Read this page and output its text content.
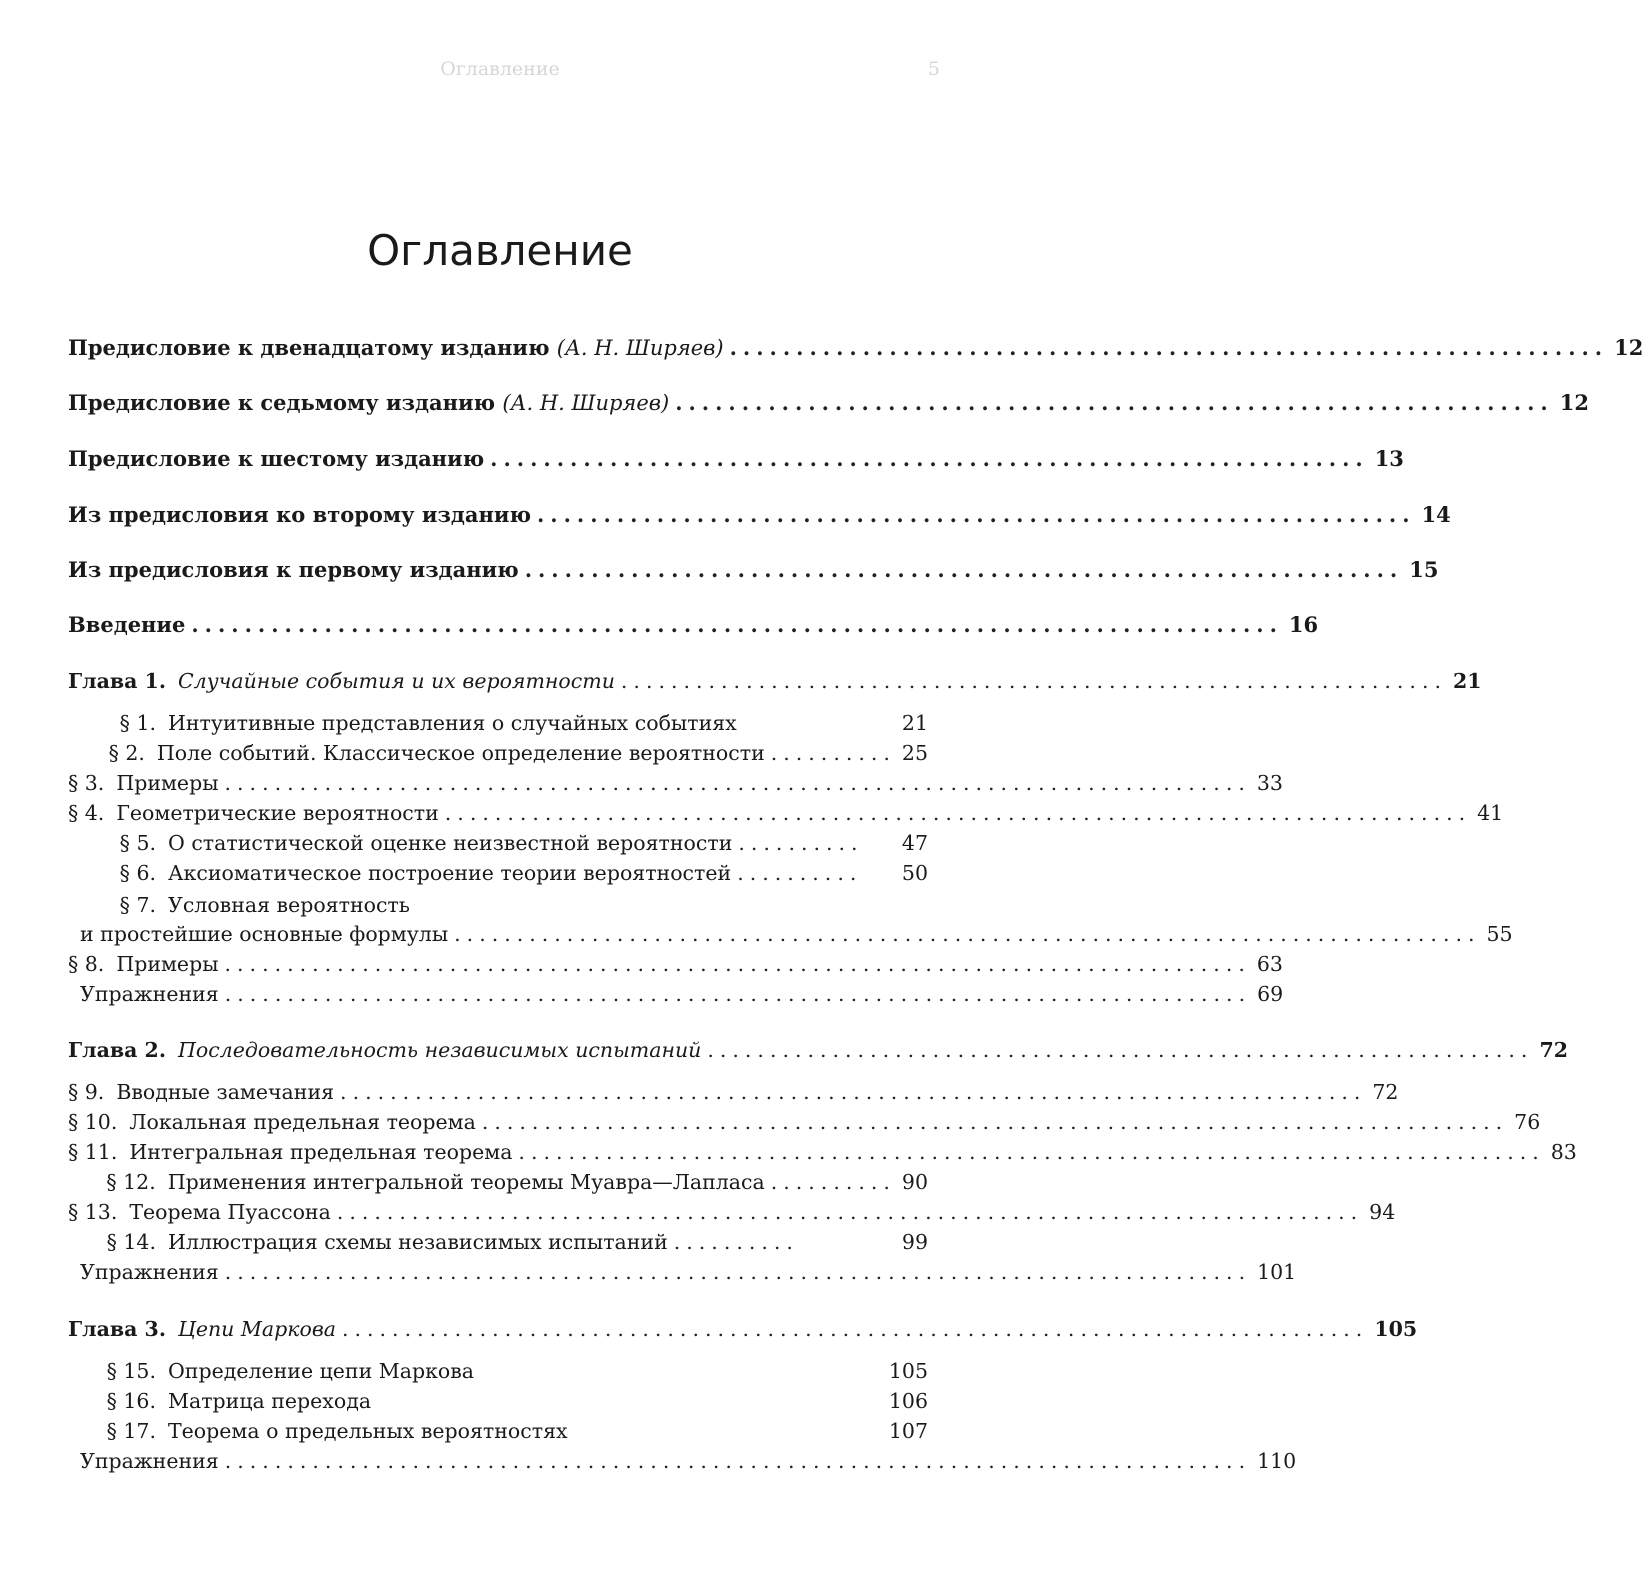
Оглавление	5
Оглавление
Предисловие к двенадцатому изданию (А. Н. Ширяев) .................................................................. 12
Предисловие к седьмому изданию (А. Н. Ширяев) .................................................................. 12
Предисловие к шестому изданию .................................................................. 13
Из предисловия ко второму изданию .................................................................. 14
Из предисловия к первому изданию .................................................................. 15
Введение .................................................................................. 16
Глава 1. Случайные события и их вероятности .................................................................. 21
§ 1. Интуитивные представления о случайных событиях	21
§ 2. Поле событий. Классическое определение вероятности .......... 25
§ 3. Примеры .................................................................................. 33
§ 4. Геометрические вероятности .................................................................................. 41
§ 5. О статистической оценке неизвестной вероятности ..........	47
§ 6. Аксиоматическое построение теории вероятностей ..........	50
§ 7. Условная вероятность
и простейшие основные формулы .................................................................................. 55
§ 8. Примеры .................................................................................. 63
Упражнения .................................................................................. 69
Глава 2. Последовательность независимых испытаний .................................................................. 72
§ 9. Вводные замечания .................................................................................. 72
§ 10. Локальная предельная теорема .................................................................................. 76
§ 11. Интегральная предельная теорема .................................................................................. 83
§ 12. Применения интегральной теоремы Муавра—Лапласа .......... 90
§ 13. Теорема Пуассона .................................................................................. 94
§ 14. Иллюстрация схемы независимых испытаний ..........	99
Упражнения .................................................................................. 101
Глава 3. Цепи Маркова .................................................................................. 105
§ 15. Определение цепи Маркова	105
§ 16. Матрица перехода	106
§ 17. Теорема о предельных вероятностях	107
Упражнения .................................................................................. 110
